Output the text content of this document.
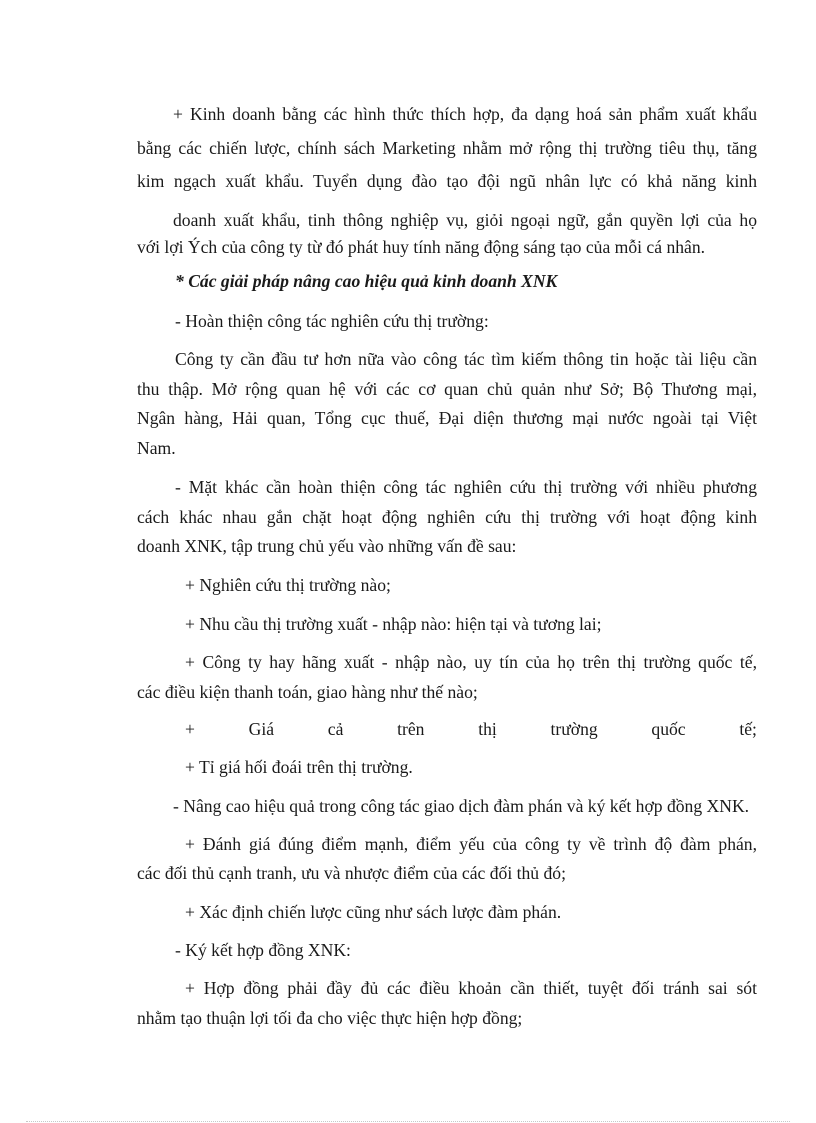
+ Kinh doanh bằng các hình thức thích hợp, đa dạng hoá sản phẩm xuất khẩu

bằng các chiến lược, chính sách Marketing nhằm mở rộng thị trường tiêu thụ, tăng

kim ngạch xuất khẩu. Tuyển dụng đào tạo đội ngũ nhân lực có khả năng kinh

doanh xuất khẩu, tinh thông nghiệp vụ, giỏi ngoại ngữ, gắn quyền lợi của họ

với lợi Ých của công ty từ đó phát huy tính năng động sáng tạo của mỗi cá nhân.

* Các giải pháp nâng cao hiệu quả kinh doanh XNK

- Hoàn thiện công tác nghiên cứu thị trường:

Công ty cần đầu tư hơn nữa vào công tác tìm kiếm thông tin hoặc tài liệu cần

thu thập. Mở rộng quan hệ với các cơ quan chủ quản như Sở; Bộ Thương mại,

Ngân hàng, Hải quan, Tổng cục thuế, Đại diện thương mại nước ngoài tại Việt

Nam.

- Mặt khác cần hoàn thiện công tác nghiên cứu thị trường với nhiều phương

cách khác nhau gắn chặt hoạt động nghiên cứu thị trường với hoạt động kinh

doanh XNK, tập trung chủ yếu vào những vấn đề sau:

+ Nghiên cứu thị trường nào;

+ Nhu cầu thị trường xuất - nhập nào: hiện tại và tương lai;

+ Công ty hay hãng xuất - nhập nào, uy tín của họ trên thị trường quốc tế,

các điều kiện thanh toán, giao hàng như thế nào;

+	Giá	cả	trên	thị	trường	quốc	tế;

+ Tỉ giá hối đoái trên thị trường.

- Nâng cao hiệu quả trong công tác giao dịch đàm phán và ký kết hợp đồng XNK.

+ Đánh giá đúng điểm mạnh, điểm yếu của công ty về trình độ đàm phán,

các đối thủ cạnh tranh, ưu và nhược điểm của các đối thủ đó;

+ Xác định chiến lược cũng như sách lược đàm phán.

- Ký kết hợp đồng XNK:

+ Hợp đồng phải đầy đủ các điều khoản cần thiết, tuyệt đối tránh sai sót

nhằm tạo thuận lợi tối đa cho việc thực hiện hợp đồng;
